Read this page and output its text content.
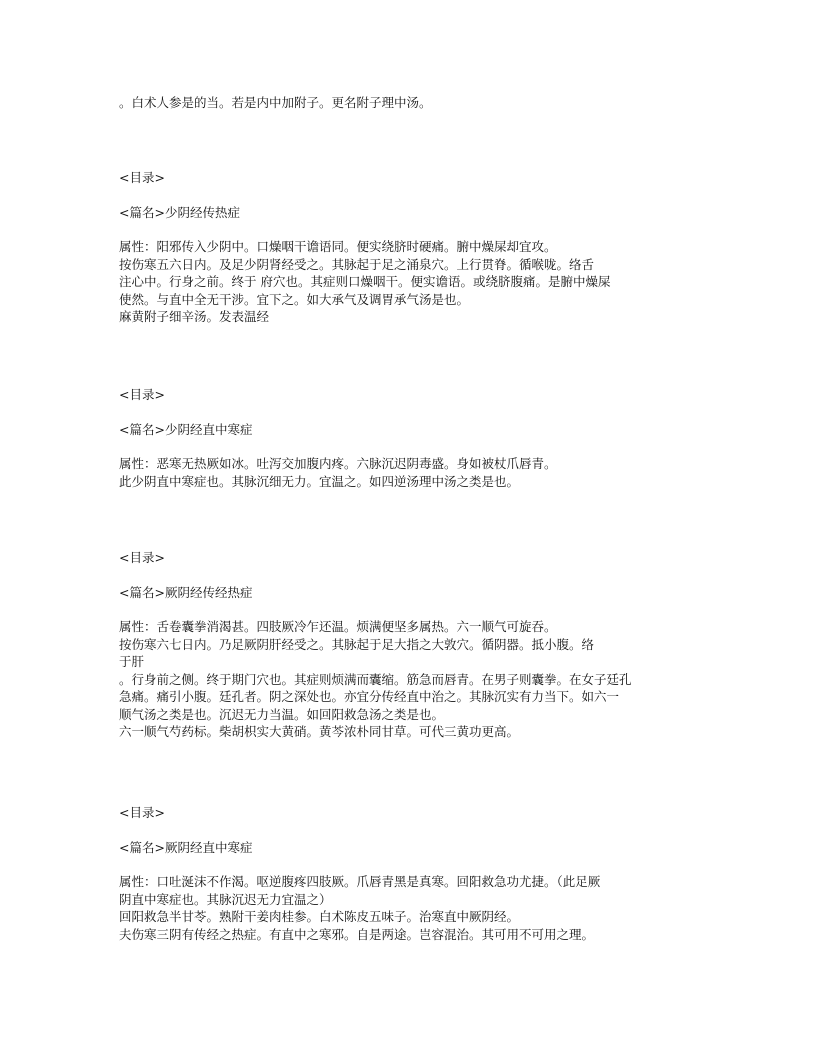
。白术人参是的当。若是内中加附子。更名附子理中汤。
<目录>
<篇名>少阴经传热症
属性：阳邪传入少阴中。口燥咽干谵语同。便实绕脐时硬痛。腑中燥屎却宜攻。
按伤寒五六日内。及足少阴肾经受之。其脉起于足之涌泉穴。上行贯脊。循喉咙。络舌
注心中。行身之前。终于 府穴也。其症则口燥咽干。便实谵语。或绕脐腹痛。是腑中燥屎
使然。与直中全无干涉。宜下之。如大承气及调胃承气汤是也。
麻黄附子细辛汤。发表温经
<目录>
<篇名>少阴经直中寒症
属性：恶寒无热厥如冰。吐泻交加腹内疼。六脉沉迟阴毒盛。身如被杖爪唇青。
此少阴直中寒症也。其脉沉细无力。宜温之。如四逆汤理中汤之类是也。
<目录>
<篇名>厥阴经传经热症
属性：舌卷囊拳消渴甚。四肢厥冷乍还温。烦满便坚多属热。六一顺气可旋吞。
按伤寒六七日内。乃足厥阴肝经受之。其脉起于足大指之大敦穴。循阴器。抵小腹。络
于肝
。行身前之侧。终于期门穴也。其症则烦满而囊缩。筋急而唇青。在男子则囊拳。在女子廷孔
急痛。痛引小腹。廷孔者。阴之深处也。亦宜分传经直中治之。其脉沉实有力当下。如六一
顺气汤之类是也。沉迟无力当温。如回阳救急汤之类是也。
六一顺气芍药标。柴胡枳实大黄硝。黄芩浓朴同甘草。可代三黄功更高。
<目录>
<篇名>厥阴经直中寒症
属性：口吐涎沫不作渴。呕逆腹疼四肢厥。爪唇青黑是真寒。回阳救急功尤捷。（此足厥
阴直中寒症也。其脉沉迟无力宜温之）
回阳救急半甘苓。熟附干姜肉桂参。白术陈皮五味子。治寒直中厥阴经。
夫伤寒三阴有传经之热症。有直中之寒邪。自是两途。岂容混治。其可用不可用之理。
